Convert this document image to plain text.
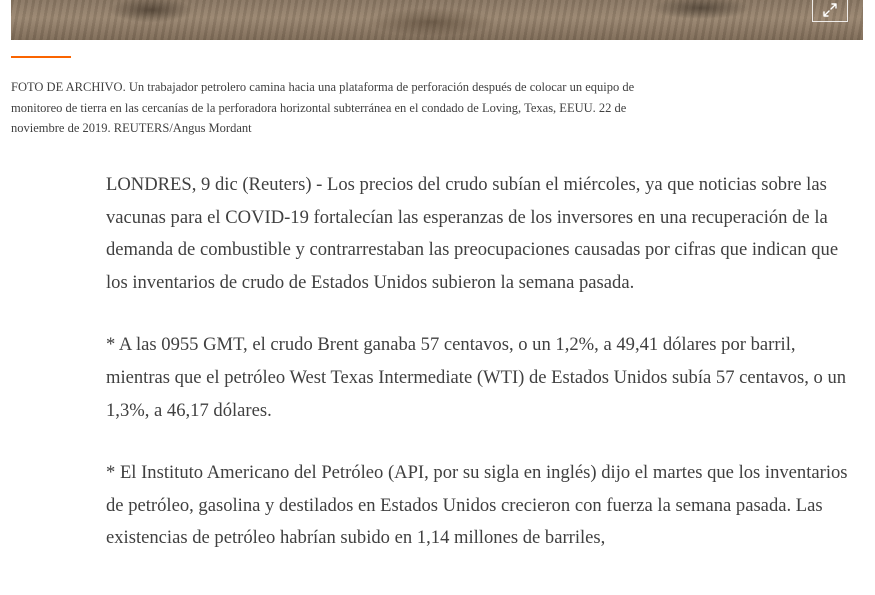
FOTO DE ARCHIVO. Un trabajador petrolero camina hacia una plataforma de perforación después de colocar un equipo de monitoreo de tierra en las cercanías de la perforadora horizontal subterránea en el condado de Loving, Texas, EEUU. 22 de noviembre de 2019. REUTERS/Angus Mordant

LONDRES, 9 dic (Reuters) - Los precios del crudo subían el miércoles, ya que noticias sobre las vacunas para el COVID-19 fortalecían las esperanzas de los inversores en una recuperación de la demanda de combustible y contrarrestaban las preocupaciones causadas por cifras que indican que los inventarios de crudo de Estados Unidos subieron la semana pasada.

* A las 0955 GMT, el crudo Brent ganaba 57 centavos, o un 1,2%, a 49,41 dólares por barril, mientras que el petróleo West Texas Intermediate (WTI) de Estados Unidos subía 57 centavos, o un 1,3%, a 46,17 dólares.

* El Instituto Americano del Petróleo (API, por su sigla en inglés) dijo el martes que los inventarios de petróleo, gasolina y destilados en Estados Unidos crecieron con fuerza la semana pasada. Las existencias de petróleo habrían subido en 1,14 millones de barriles,
